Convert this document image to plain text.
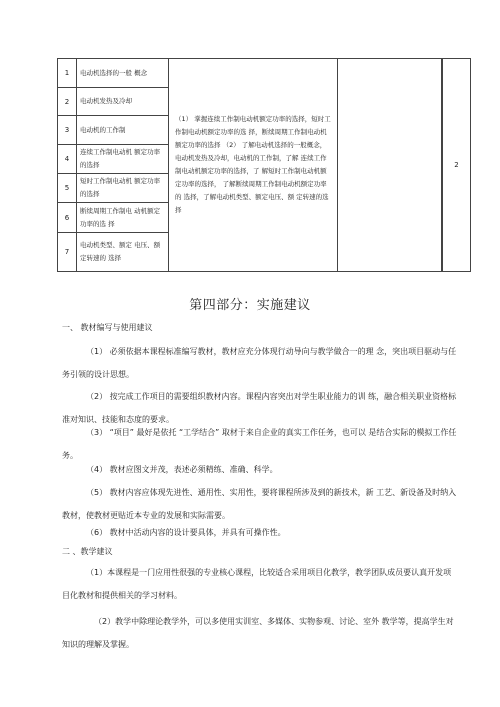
1	电动机选择的一般 概念	（1） 掌握连续工作制电动机额定功率的选择，短时工作制电动机额定功率的选 择，断续周期工作制电动机额定功率的选择 （2） 了解电动机选择的一般概念，电动机发热及冷却，电动机的工作制，了解 连续工作制电动机额定功率的选择，了 解短时工作制电动机额定功率的选择， 了解断续周期工作制电动机额定功率的 选择，了解电动机类型、额定电压、额 定转速的选择			2
2	电动机发热及冷却			
3	电动机的工作制			
4	连续工作制电动机 额定功率的选择			
5	短时工作制电动机 额定功率的选择			
6	断续周期工作制电 动机额定功率的选 择			
7	电动机类型、额定 电压、额定转速的 选择			
第四部分：实施建议

一、 教材编写与使用建议

（1） 必须依据本课程标准编写教材，教材应充分体现行动导向与教学做合一的理 念，突出项目驱动与任务引领的设计思想。

（2） 按完成工作项目的需要组织教材内容。课程内容突出对学生职业能力的训 练，融合相关职业资格标准对知识、技能和态度的要求。

（3） “项目” 最好是依托 “工学结合” 取材于来自企业的真实工作任务，也可以 是结合实际的模拟工作任务。

（4） 教材应图文并茂，表述必须精练、准确、科学。

（5） 教材内容应体现先进性、通用性、实用性，要将课程所涉及到的新技术，新 工艺、新设备及时纳入教材，使教材更贴近本专业的发展和实际需要。

（6） 教材中活动内容的设计要具体，并具有可操作性。

二 、教学建议

（1）本课程是一门应用性很强的专业核心课程，比较适合采用项目化教学，教学团队成员要认真开发项目化教材和提供相关的学习材料。

（2）教学中除理论教学外，可以多使用实训室、多媒体、实物参观、讨论、室外 教学等，提高学生对知识的理解及掌握。
